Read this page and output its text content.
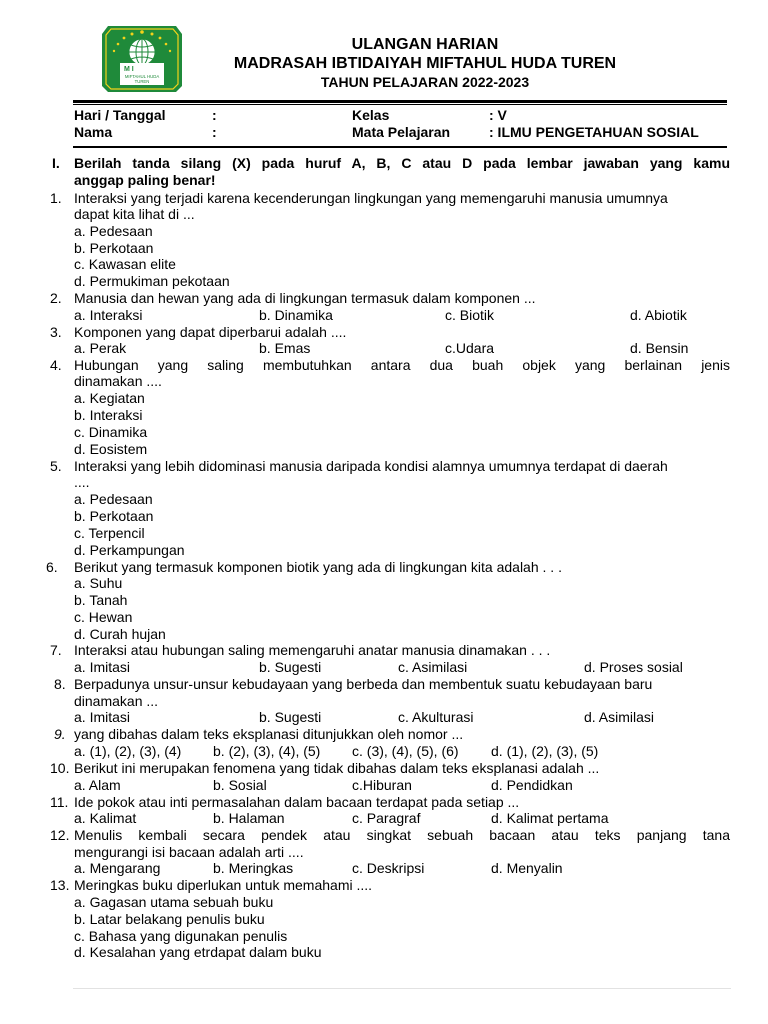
M I
MIFTAHUL HUDA
TUREN
ULANGAN HARIAN
MADRASAH IBTIDAIYAH MIFTAHUL HUDA TUREN
TAHUN PELAJARAN 2022-2023
Hari / Tanggal	:	Kelas	: V
Nama	:	Mata Pelajaran	: ILMU PENGETAHUAN SOSIAL
I. Berilah tanda silang (X) pada huruf A, B, C atau D pada lembar jawaban yang kamu
anggap paling benar!
1. Interaksi yang terjadi karena kecenderungan lingkungan yang memengaruhi manusia umumnya
dapat kita lihat di ...
a. Pedesaan
b. Perkotaan
c. Kawasan elite
d. Permukiman pekotaan
2. Manusia dan hewan yang ada di lingkungan termasuk dalam komponen ...
a. Interaksi	b. Dinamika	c. Biotik	d. Abiotik
3. Komponen yang dapat diperbarui adalah ....
a. Perak	b. Emas	c.Udara	d. Bensin
4. Hubungan yang saling membutuhkan antara dua buah objek yang berlainan jenis
dinamakan ....
a. Kegiatan
b. Interaksi
c. Dinamika
d. Eosistem
5. Interaksi yang lebih didominasi manusia daripada kondisi alamnya umumnya terdapat di daerah
....
a. Pedesaan
b. Perkotaan
c. Terpencil
d. Perkampungan
6. Berikut yang termasuk komponen biotik yang ada di lingkungan kita adalah . . .
a. Suhu
b. Tanah
c. Hewan
d. Curah hujan
7. Interaksi atau hubungan saling memengaruhi anatar manusia dinamakan . . .
a. Imitasi	b. Sugesti	c. Asimilasi	d. Proses sosial
8. Berpadunya unsur-unsur kebudayaan yang berbeda dan membentuk suatu kebudayaan baru
dinamakan ...
a. Imitasi	b. Sugesti	c. Akulturasi	d. Asimilasi
9. yang dibahas dalam teks eksplanasi ditunjukkan oleh nomor ...
a. (1), (2), (3), (4) b. (2), (3), (4), (5) c. (3), (4), (5), (6) d. (1), (2), (3), (5)
10. Berikut ini merupakan fenomena yang tidak dibahas dalam teks eksplanasi adalah ...
a. Alam	b. Sosial	c.Hiburan	d. Pendidkan
11. Ide pokok atau inti permasalahan dalam bacaan terdapat pada setiap ...
a. Kalimat	b. Halaman	c. Paragraf	d. Kalimat pertama
12. Menulis kembali secara pendek atau singkat sebuah bacaan atau teks panjang tana
mengurangi isi bacaan adalah arti ....
a. Mengarang	b. Meringkas	c. Deskripsi	d. Menyalin
13. Meringkas buku diperlukan untuk memahami ....
a. Gagasan utama sebuah buku
b. Latar belakang penulis buku
c. Bahasa yang digunakan penulis
d. Kesalahan yang etrdapat dalam buku
